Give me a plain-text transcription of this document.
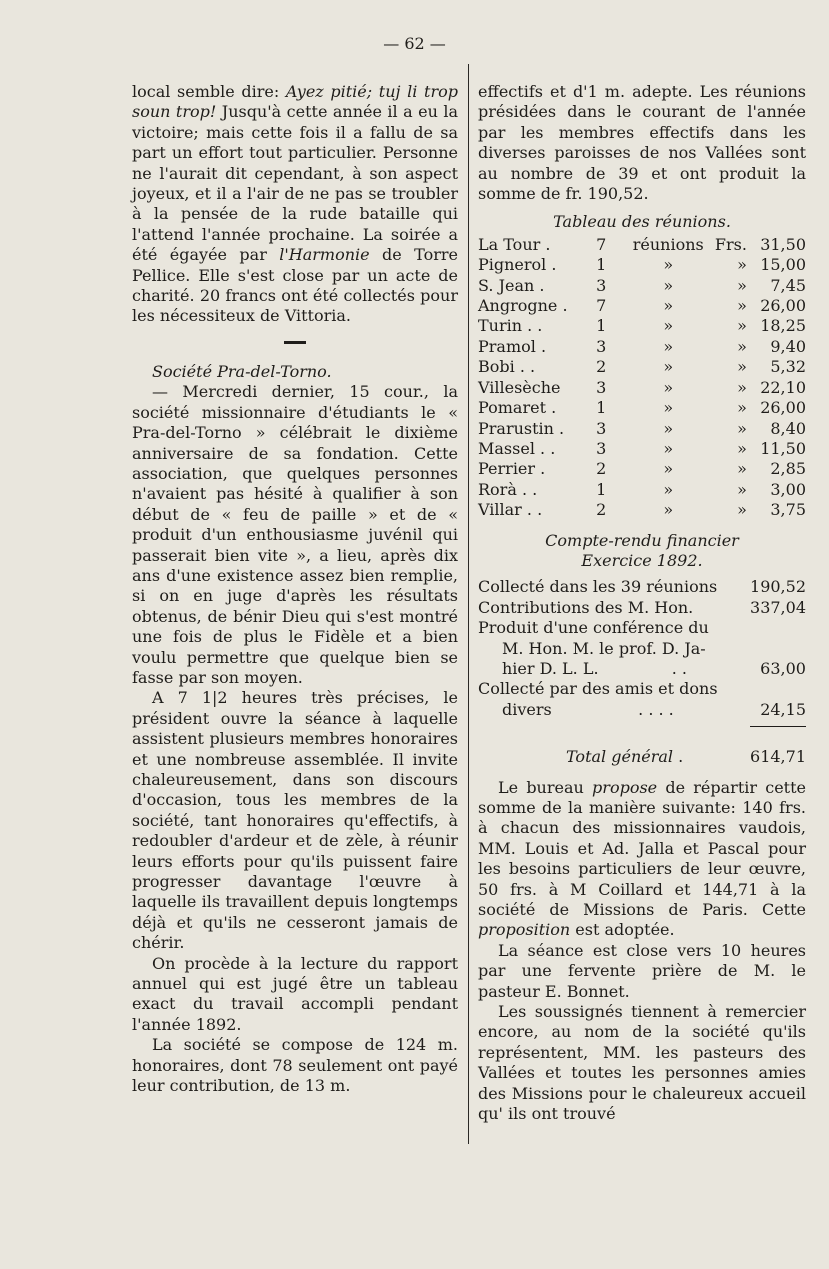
— 62 —

local semble dire: Ayez pitié; tuj li trop soun trop! Jusqu'à cette année il a eu la victoire; mais cette fois il a fallu de sa part un effort tout particulier. Personne ne l'aurait dit cependant, à son aspect joyeux, et il a l'air de ne pas se troubler à la pensée de la rude bataille qui l'attend l'année prochaine. La soirée a été égayée par l'Harmonie de Torre Pellice. Elle s'est close par un acte de charité. 20 francs ont été collectés pour les nécessiteux de Vittoria.

Société Pra-del-Torno.

— Mercredi dernier, 15 cour., la société missionnaire d'étudiants le « Pra-del-Torno » célébrait le dixième anniversaire de sa fondation. Cette association, que quelques personnes n'avaient pas hésité à qualifier à son début de « feu de paille » et de « produit d'un enthousiasme juvénil qui passerait bien vite », a lieu, après dix ans d'une existence assez bien remplie, si on en juge d'après les résultats obtenus, de bénir Dieu qui s'est montré une fois de plus le Fidèle et a bien voulu permettre que quelque bien se fasse par son moyen.

A 7 1|2 heures très précises, le président ouvre la séance à laquelle assistent plusieurs membres honoraires et une nombreuse assemblée. Il invite chaleureusement, dans son discours d'occasion, tous les membres de la société, tant honoraires qu'effectifs, à redoubler d'ardeur et de zèle, à réunir leurs efforts pour qu'ils puissent faire progresser davantage l'œuvre à laquelle ils travaillent depuis longtemps déjà et qu'ils ne cesseront jamais de chérir.

On procède à la lecture du rapport annuel qui est jugé être un tableau exact du travail accompli pendant l'année 1892.

La société se compose de 124 m. honoraires, dont 78 seulement ont payé leur contribution, de 13 m.

effectifs et d'1 m. adepte. Les réunions présidées dans le courant de l'année par les membres effectifs dans les diverses paroisses de nos Vallées sont au nombre de 39 et ont produit la somme de fr. 190,52.

Tableau des réunions.
La Tour .	7	réunions	Frs.	31,50
Pignerol .	1	»	»	15,00
S. Jean .	3	»	»	7,45
Angrogne .	7	»	»	26,00
Turin . .	1	»	»	18,25
Pramol .	3	»	»	9,40
Bobi . .	2	»	»	5,32
Villesèche	3	»	»	22,10
Pomaret .	1	»	»	26,00
Prarustin .	3	»	»	8,40
Massel . .	3	»	»	11,50
Perrier .	2	»	»	2,85
Rorà . .	1	»	»	3,00
Villar . .	2	»	»	3,75
Compte-rendu financier
Exercice 1892.
Collecté dans les 39 réunions 190,52
Contributions des M. Hon.	337,04
Produit d'une conférence du
M. Hon. M. le prof. D. Ja-
hier D. L. L.	. .	63,00
Collecté par des amis et dons
divers	. . . .	24,15
Total général .	614,71

Le bureau propose de répartir cette somme de la manière suivante: 140 frs. à chacun des missionnaires vaudois, MM. Louis et Ad. Jalla et Pascal pour les besoins particuliers de leur œuvre, 50 frs. à M Coillard et 144,71 à la société de Missions de Paris. Cette proposition est adoptée.

La séance est close vers 10 heures par une fervente prière de M. le pasteur E. Bonnet.

Les soussignés tiennent à remercier encore, au nom de la société qu'ils représentent, MM. les pasteurs des Vallées et toutes les personnes amies des Missions pour le chaleureux accueil qu' ils ont trouvé
